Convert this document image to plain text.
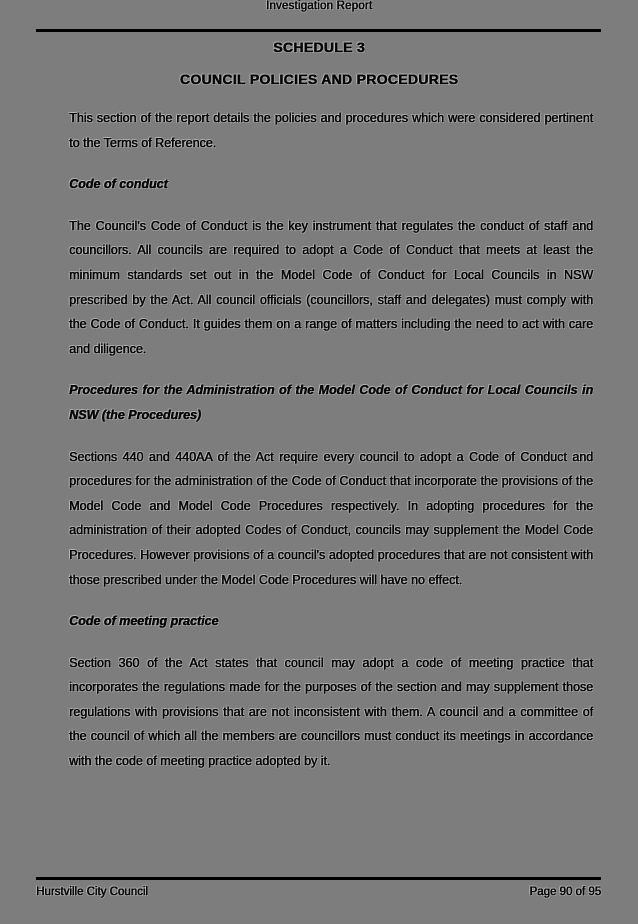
Investigation Report
SCHEDULE 3
COUNCIL POLICIES AND PROCEDURES

This section of the report details the policies and procedures which were considered pertinent to the Terms of Reference.

Code of conduct

The Council's Code of Conduct is the key instrument that regulates the conduct of staff and councillors. All councils are required to adopt a Code of Conduct that meets at least the minimum standards set out in the Model Code of Conduct for Local Councils in NSW prescribed by the Act. All council officials (councillors, staff and delegates) must comply with the Code of Conduct. It guides them on a range of matters including the need to act with care and diligence.

Procedures for the Administration of the Model Code of Conduct for Local Councils in NSW (the Procedures)

Sections 440 and 440AA of the Act require every council to adopt a Code of Conduct and procedures for the administration of the Code of Conduct that incorporate the provisions of the Model Code and Model Code Procedures respectively. In adopting procedures for the administration of their adopted Codes of Conduct, councils may supplement the Model Code Procedures. However provisions of a council's adopted procedures that are not consistent with those prescribed under the Model Code Procedures will have no effect.

Code of meeting practice

Section 360 of the Act states that council may adopt a code of meeting practice that incorporates the regulations made for the purposes of the section and may supplement those regulations with provisions that are not inconsistent with them. A council and a committee of the council of which all the members are councillors must conduct its meetings in accordance with the code of meeting practice adopted by it.

Hurstville City Council	Page 90 of 95
